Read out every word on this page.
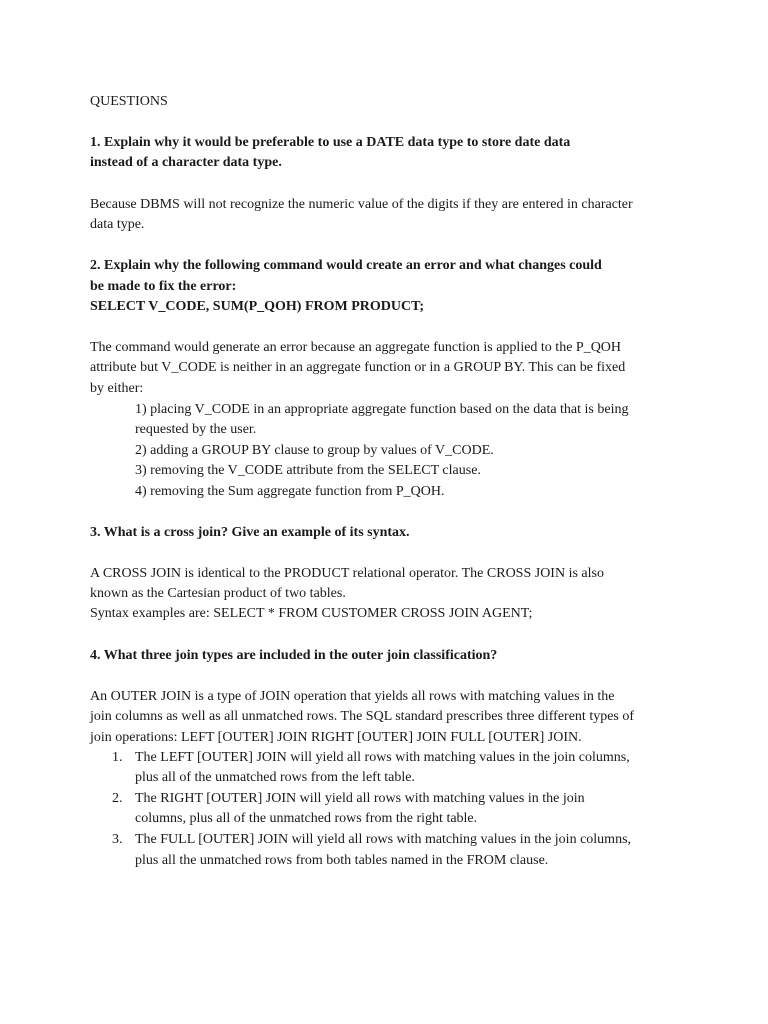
QUESTIONS
1. Explain why it would be preferable to use a DATE data type to store date data
instead of a character data type.
Because DBMS will not recognize the numeric value of the digits if they are entered in character
data type.
2. Explain why the following command would create an error and what changes could
be made to fix the error:
SELECT V_CODE, SUM(P_QOH) FROM PRODUCT;
The command would generate an error because an aggregate function is applied to the P_QOH
attribute but V_CODE is neither in an aggregate function or in a GROUP BY. This can be fixed
by either:
1) placing V_CODE in an appropriate aggregate function based on the data that is being
requested by the user.
2) adding a GROUP BY clause to group by values of V_CODE.
3) removing the V_CODE attribute from the SELECT clause.
4) removing the Sum aggregate function from P_QOH.
3. What is a cross join? Give an example of its syntax.
A CROSS JOIN is identical to the PRODUCT relational operator. The CROSS JOIN is also
known as the Cartesian product of two tables.
Syntax examples are: SELECT * FROM CUSTOMER CROSS JOIN AGENT;
4. What three join types are included in the outer join classification?
An OUTER JOIN is a type of JOIN operation that yields all rows with matching values in the
join columns as well as all unmatched rows. The SQL standard prescribes three different types of
join operations: LEFT [OUTER] JOIN RIGHT [OUTER] JOIN FULL [OUTER] JOIN.
1. The LEFT [OUTER] JOIN will yield all rows with matching values in the join columns,
plus all of the unmatched rows from the left table.
2. The RIGHT [OUTER] JOIN will yield all rows with matching values in the join
columns, plus all of the unmatched rows from the right table.
3. The FULL [OUTER] JOIN will yield all rows with matching values in the join columns,
plus all the unmatched rows from both tables named in the FROM clause.
